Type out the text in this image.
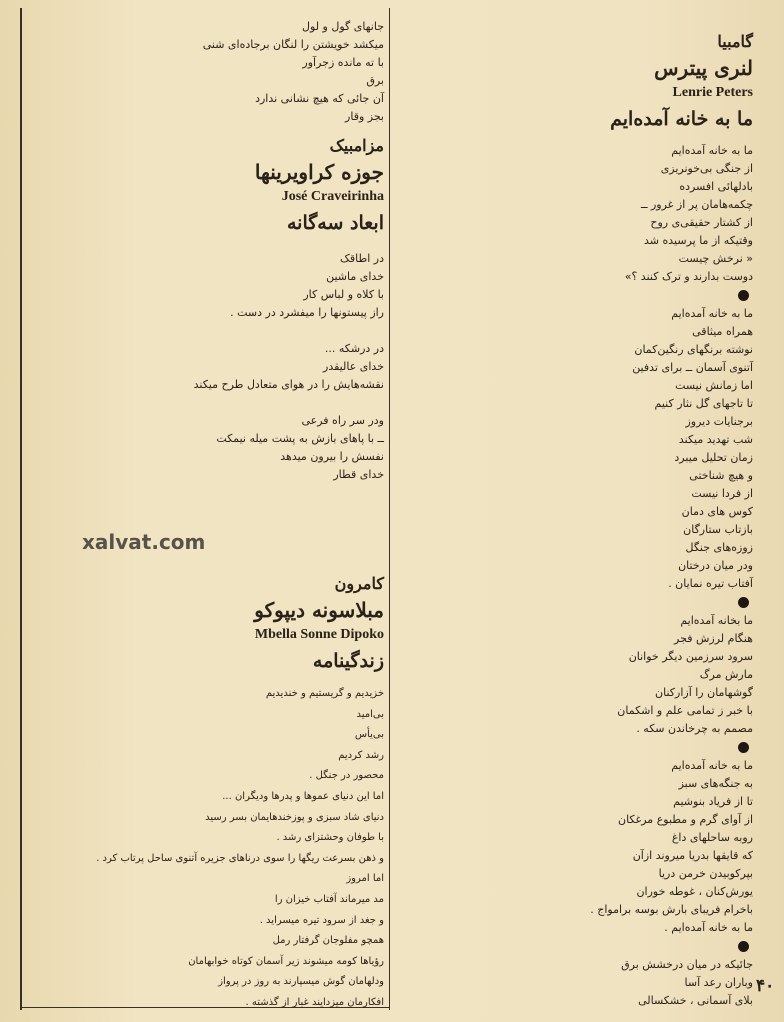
xalvat.com
گامبیا
لنری پیترس
Lenrie Peters
ما به خانه آمده‌ایم
ما به خانه آمده‌ایم
از جنگی بی‌خونریزی
بادلهائی افسرده
چکمه‌هامان پر از غرور ــ
از کشتار حقیقی‌ی روح
وقتیکه از ما پرسیده شد
« نرخش چیست
دوست بدارند و ترک کنند ؟»
ما به خانه آمده‌ایم
همراه میثاقی
نوشته برنگهای رنگین‌کمان
آتنوی آسمان ــ برای تدفین
اما زمانش نیست
تا تاجهای گل نثار کنیم
برجنایات دیروز
شب تهدید میکند
زمان تحلیل میبرد
و هیچ شناختی
از فردا نیست
کوس های دمان
بازتاب ستارگان
زوزه‌های جنگل
ودر میان درختان
آفتاب تیره نمایان .
ما بخانه آمده‌ایم
هنگام لرزش فجر
سرود سرزمین دیگر خوانان
مارش مرگ
گوشهامان را آزارکنان
با خبر ز تمامی علم و اشکمان
مصمم به چرخاندن سکه .
ما به خانه آمده‌ایم
به جنگه‌های سبز
تا از فریاد بنوشیم
از آوای گرم و مطبوع مرغکان
روبه ساحلهای داغ
که قایقها بدریا میروند ازآن
بپرکوبیدن خرمن دریا
یورش‌کنان ، غوطه خوران
باخرام فریبای بارش بوسه براموا‌ج .
ما به خانه آمده‌ایم .
جائیکه در میان درخشش برق
وباران رعد آسا
بلای آسمانی ، خشکسالی
جانهای گول و لول
میکشد خویشتن را لنگان برجاده‌ای شنی
با ته مانده زجرآور
برق
آن جائی که هیچ نشانی ندارد
بجز وقار
مزامبیک
جوزه کراویرینها
José Craveirinha
ابعاد سه‌گانه
در اطاقک
خدای ماشین
با کلاه و لباس کار
راز پیستونها را میفشرد در دست .
در درشکه ...
خدای عالیقدر
نقشه‌هایش را در هوای متعادل طرح میکند
ودر سر راه فرعی
ــ با پاهای بازش به پشت میله نیمکت
نفسش را بیرون میدهد
خدای قطار
کامرون
مبلاسونه دیپوکو
Mbella Sonne Dipoko
زندگینامه
خزیدیم و گریستیم و خندیدیم
بی‌امید
بی‌یأس
رشد کردیم
محصور در جنگل .
اما این دنیای عموها و پدرها ودیگران ...
دنیای شاد سبزی و پوزخندهایمان بسر رسید
با طوفان وحشتزای رشد .
و ذهن بسرعت ریگها را سوی درناهای جزیره آتنوی ساحل پرتاب کرد .
اما امروز
مد میرماند آفتاب خیزان را
و جغد از سرود تیره میسراید .
همچو مفلوجان گرفتار رمل
رؤیاها کومه میشوند زیر آسمان کوتاه خوابهامان
ودلهامان گوش میسپارند به روز در پرواز
افکارمان میزدایند غبار از گذشته .
۴۰
